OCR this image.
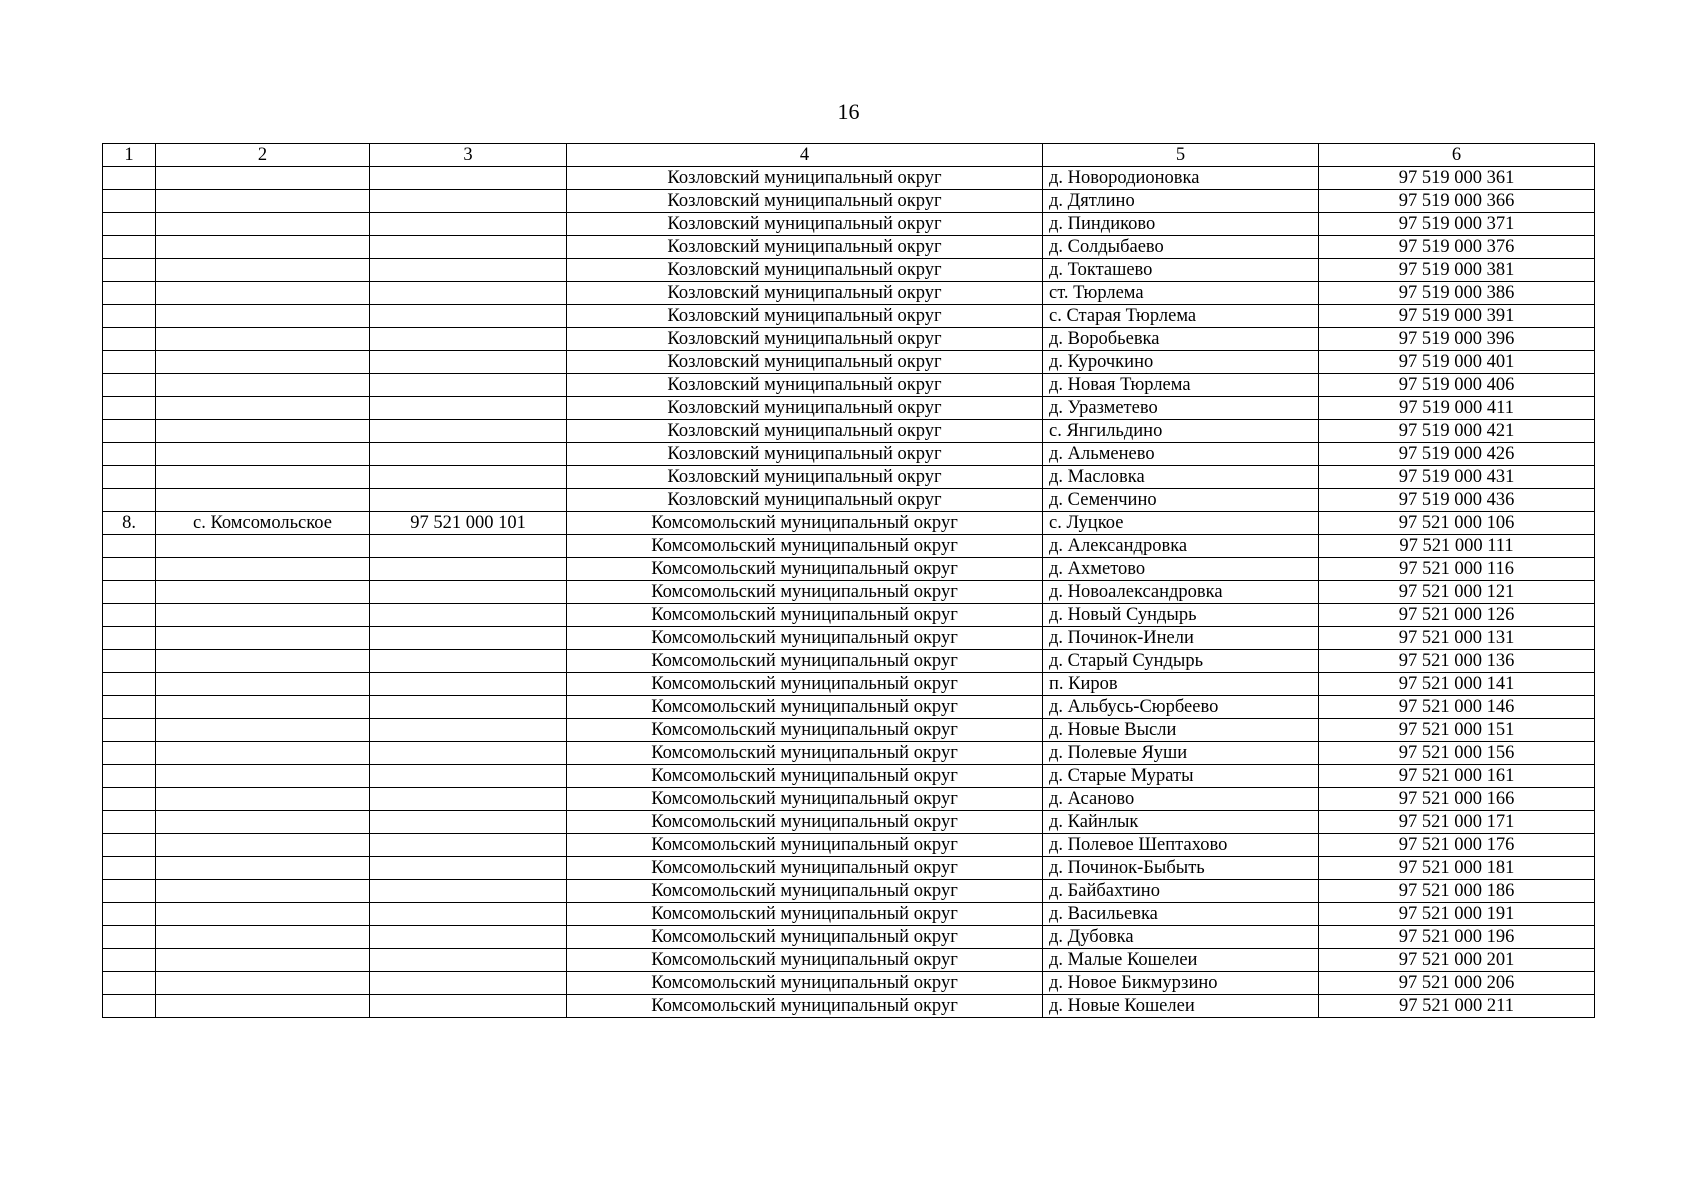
16
1	2	3	4	5	6
			Козловский муниципальный округ	д. Новородионовка	97 519 000 361
			Козловский муниципальный округ	д. Дятлино	97 519 000 366
			Козловский муниципальный округ	д. Пиндиково	97 519 000 371
			Козловский муниципальный округ	д. Солдыбаево	97 519 000 376
			Козловский муниципальный округ	д. Токташево	97 519 000 381
			Козловский муниципальный округ	ст. Тюрлема	97 519 000 386
			Козловский муниципальный округ	с. Старая Тюрлема	97 519 000 391
			Козловский муниципальный округ	д. Воробьевка	97 519 000 396
			Козловский муниципальный округ	д. Курочкино	97 519 000 401
			Козловский муниципальный округ	д. Новая Тюрлема	97 519 000 406
			Козловский муниципальный округ	д. Уразметево	97 519 000 411
			Козловский муниципальный округ	с. Янгильдино	97 519 000 421
			Козловский муниципальный округ	д. Альменево	97 519 000 426
			Козловский муниципальный округ	д. Масловка	97 519 000 431
			Козловский муниципальный округ	д. Семенчино	97 519 000 436
8.	с. Комсомольское	97 521 000 101	Комсомольский муниципальный округ	с. Луцкое	97 521 000 106
			Комсомольский муниципальный округ	д. Александровка	97 521 000 111
			Комсомольский муниципальный округ	д. Ахметово	97 521 000 116
			Комсомольский муниципальный округ	д. Новоалександровка	97 521 000 121
			Комсомольский муниципальный округ	д. Новый Сундырь	97 521 000 126
			Комсомольский муниципальный округ	д. Починок-Инели	97 521 000 131
			Комсомольский муниципальный округ	д. Старый Сундырь	97 521 000 136
			Комсомольский муниципальный округ	п. Киров	97 521 000 141
			Комсомольский муниципальный округ	д. Альбусь-Сюрбеево	97 521 000 146
			Комсомольский муниципальный округ	д. Новые Высли	97 521 000 151
			Комсомольский муниципальный округ	д. Полевые Яуши	97 521 000 156
			Комсомольский муниципальный округ	д. Старые Мураты	97 521 000 161
			Комсомольский муниципальный округ	д. Асаново	97 521 000 166
			Комсомольский муниципальный округ	д. Кайнлык	97 521 000 171
			Комсомольский муниципальный округ	д. Полевое Шептахово	97 521 000 176
			Комсомольский муниципальный округ	д. Починок-Быбыть	97 521 000 181
			Комсомольский муниципальный округ	д. Байбахтино	97 521 000 186
			Комсомольский муниципальный округ	д. Васильевка	97 521 000 191
			Комсомольский муниципальный округ	д. Дубовка	97 521 000 196
			Комсомольский муниципальный округ	д. Малые Кошелеи	97 521 000 201
			Комсомольский муниципальный округ	д. Новое Бикмурзино	97 521 000 206
			Комсомольский муниципальный округ	д. Новые Кошелеи	97 521 000 211
